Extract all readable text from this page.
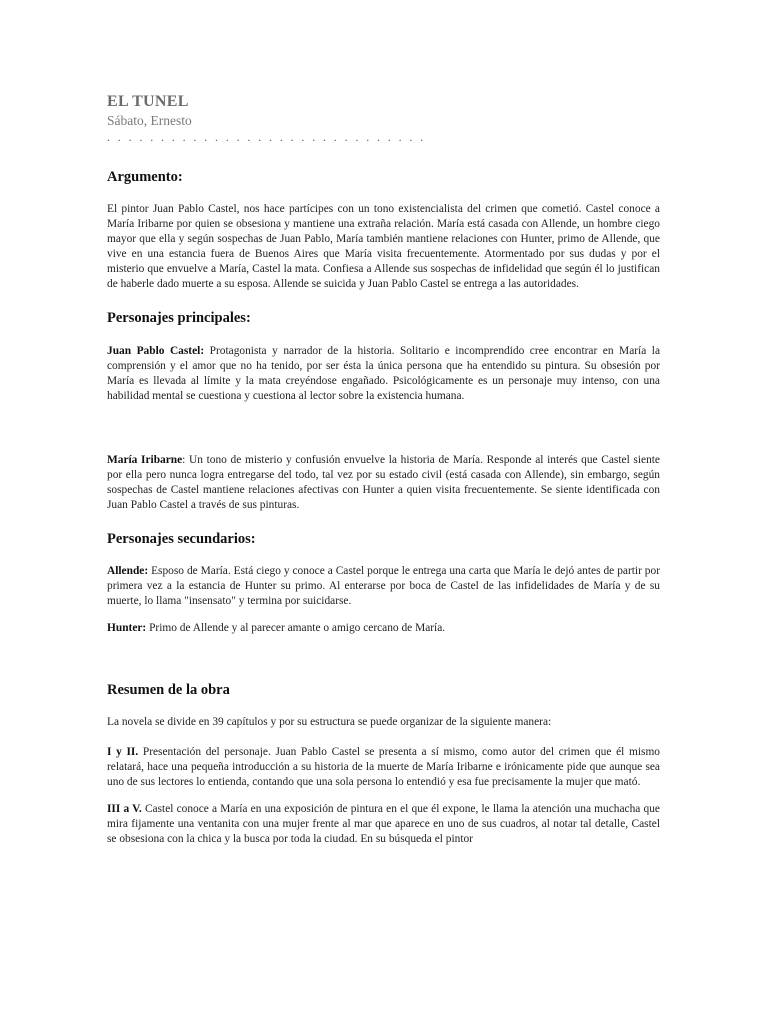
EL TUNEL
Sábato, Ernesto
. . . . . . . . . . . . . . . . . . . . . . . . . . . . . .
Argumento:

El pintor Juan Pablo Castel, nos hace partícipes con un tono existencialista del crimen que cometió. Castel conoce a María Iribarne por quien se obsesiona y mantiene una extraña relación. María está casada con Allende, un hombre ciego mayor que ella y según sospechas de Juan Pablo, María también mantiene relaciones con Hunter, primo de Allende, que vive en una estancia fuera de Buenos Aires que María visita frecuentemente. Atormentado por sus dudas y por el misterio que envuelve a María, Castel la mata. Confiesa a Allende sus sospechas de infidelidad que según él lo justifican de haberle dado muerte a su esposa. Allende se suicida y Juan Pablo Castel se entrega a las autoridades.

Personajes principales:

Juan Pablo Castel: Protagonista y narrador de la historia. Solitario e incomprendido cree encontrar en María la comprensión y el amor que no ha tenido, por ser ésta la única persona que ha entendido su pintura. Su obsesión por María es llevada al límite y la mata creyéndose engañado. Psicológicamente es un personaje muy intenso, con una habilidad mental se cuestiona y cuestiona al lector sobre la existencia humana.

María Iribarne: Un tono de misterio y confusión envuelve la historia de María. Responde al interés que Castel siente por ella pero nunca logra entregarse del todo, tal vez por su estado civil (está casada con Allende), sin embargo, según sospechas de Castel mantiene relaciones afectivas con Hunter a quien visita frecuentemente. Se siente identificada con Juan Pablo Castel a través de sus pinturas.

Personajes secundarios:

Allende: Esposo de María. Está ciego y conoce a Castel porque le entrega una carta que María le dejó antes de partir por primera vez a la estancia de Hunter su primo. Al enterarse por boca de Castel de las infidelidades de María y de su muerte, lo llama "insensato" y termina por suicidarse.

Hunter: Primo de Allende y al parecer amante o amigo cercano de María.

Resumen de la obra

La novela se divide en 39 capítulos y por su estructura se puede organizar de la siguiente manera:

I y II. Presentación del personaje. Juan Pablo Castel se presenta a sí mismo, como autor del crimen que él mismo relatará, hace una pequeña introducción a su historia de la muerte de María Iribarne e irónicamente pide que aunque sea uno de sus lectores lo entienda, contando que una sola persona lo entendió y esa fue precisamente la mujer que mató.

III a V. Castel conoce a María en una exposición de pintura en el que él expone, le llama la atención una muchacha que mira fijamente una ventanita con una mujer frente al mar que aparece en uno de sus cuadros, al notar tal detalle, Castel se obsesiona con la chica y la busca por toda la ciudad. En su búsqueda el pintor
